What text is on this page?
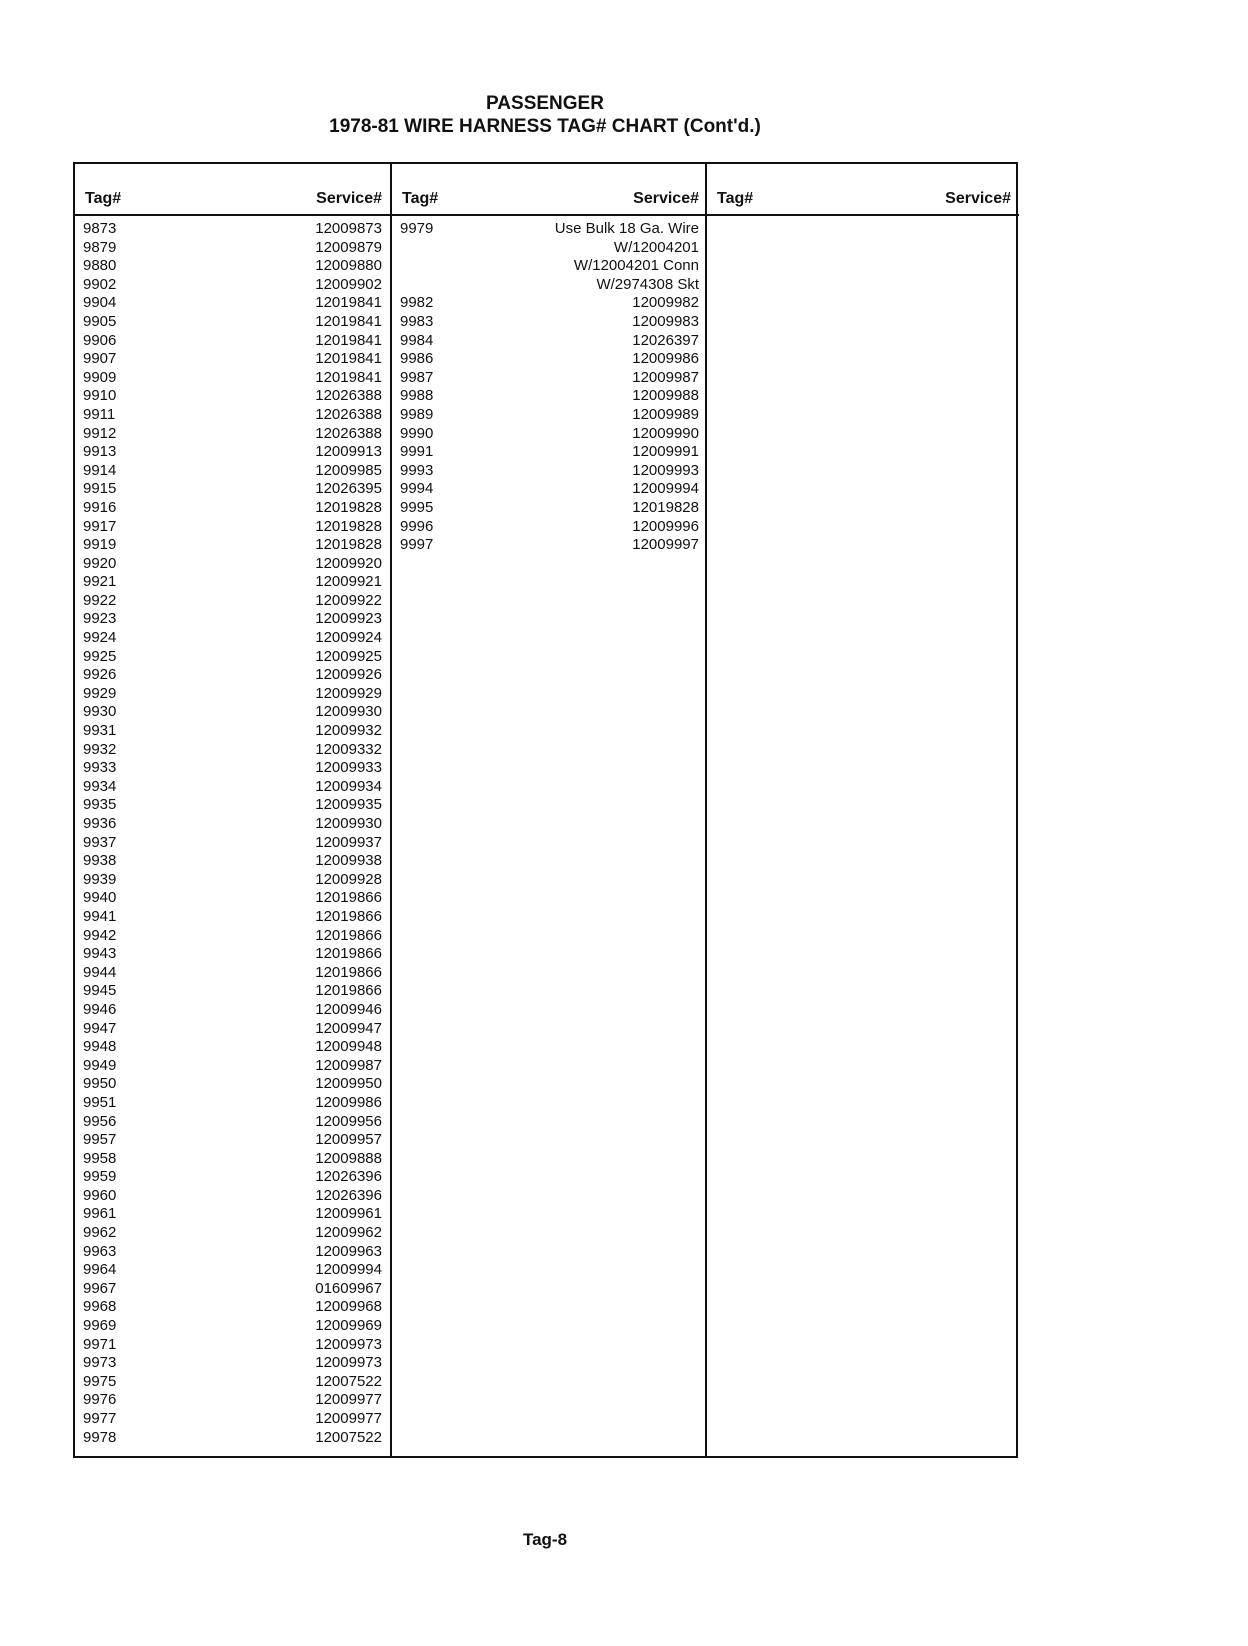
PASSENGER
1978-81 WIRE HARNESS TAG# CHART (Cont'd.)
Tag#	Service#
9873	12009873
9879	12009879
9880	12009880
9902	12009902
9904	12019841
9905	12019841
9906	12019841
9907	12019841
9909	12019841
9910	12026388
9911	12026388
9912	12026388
9913	12009913
9914	12009985
9915	12026395
9916	12019828
9917	12019828
9919	12019828
9920	12009920
9921	12009921
9922	12009922
9923	12009923
9924	12009924
9925	12009925
9926	12009926
9929	12009929
9930	12009930
9931	12009932
9932	12009332
9933	12009933
9934	12009934
9935	12009935
9936	12009930
9937	12009937
9938	12009938
9939	12009928
9940	12019866
9941	12019866
9942	12019866
9943	12019866
9944	12019866
9945	12019866
9946	12009946
9947	12009947
9948	12009948
9949	12009987
9950	12009950
9951	12009986
9956	12009956
9957	12009957
9958	12009888
9959	12026396
9960	12026396
9961	12009961
9962	12009962
9963	12009963
9964	12009994
9967	01609967
9968	12009968
9969	12009969
9971	12009973
9973	12009973
9975	12007522
9976	12009977
9977	12009977
9978	12007522
Tag#	Service#
9979	Use Bulk 18 Ga. Wire
W/12004201
W/12004201 Conn
W/2974308 Skt
9982	12009982
9983	12009983
9984	12026397
9986	12009986
9987	12009987
9988	12009988
9989	12009989
9990	12009990
9991	12009991
9993	12009993
9994	12009994
9995	12019828
9996	12009996
9997	12009997
Tag#	Service#
Tag-8
